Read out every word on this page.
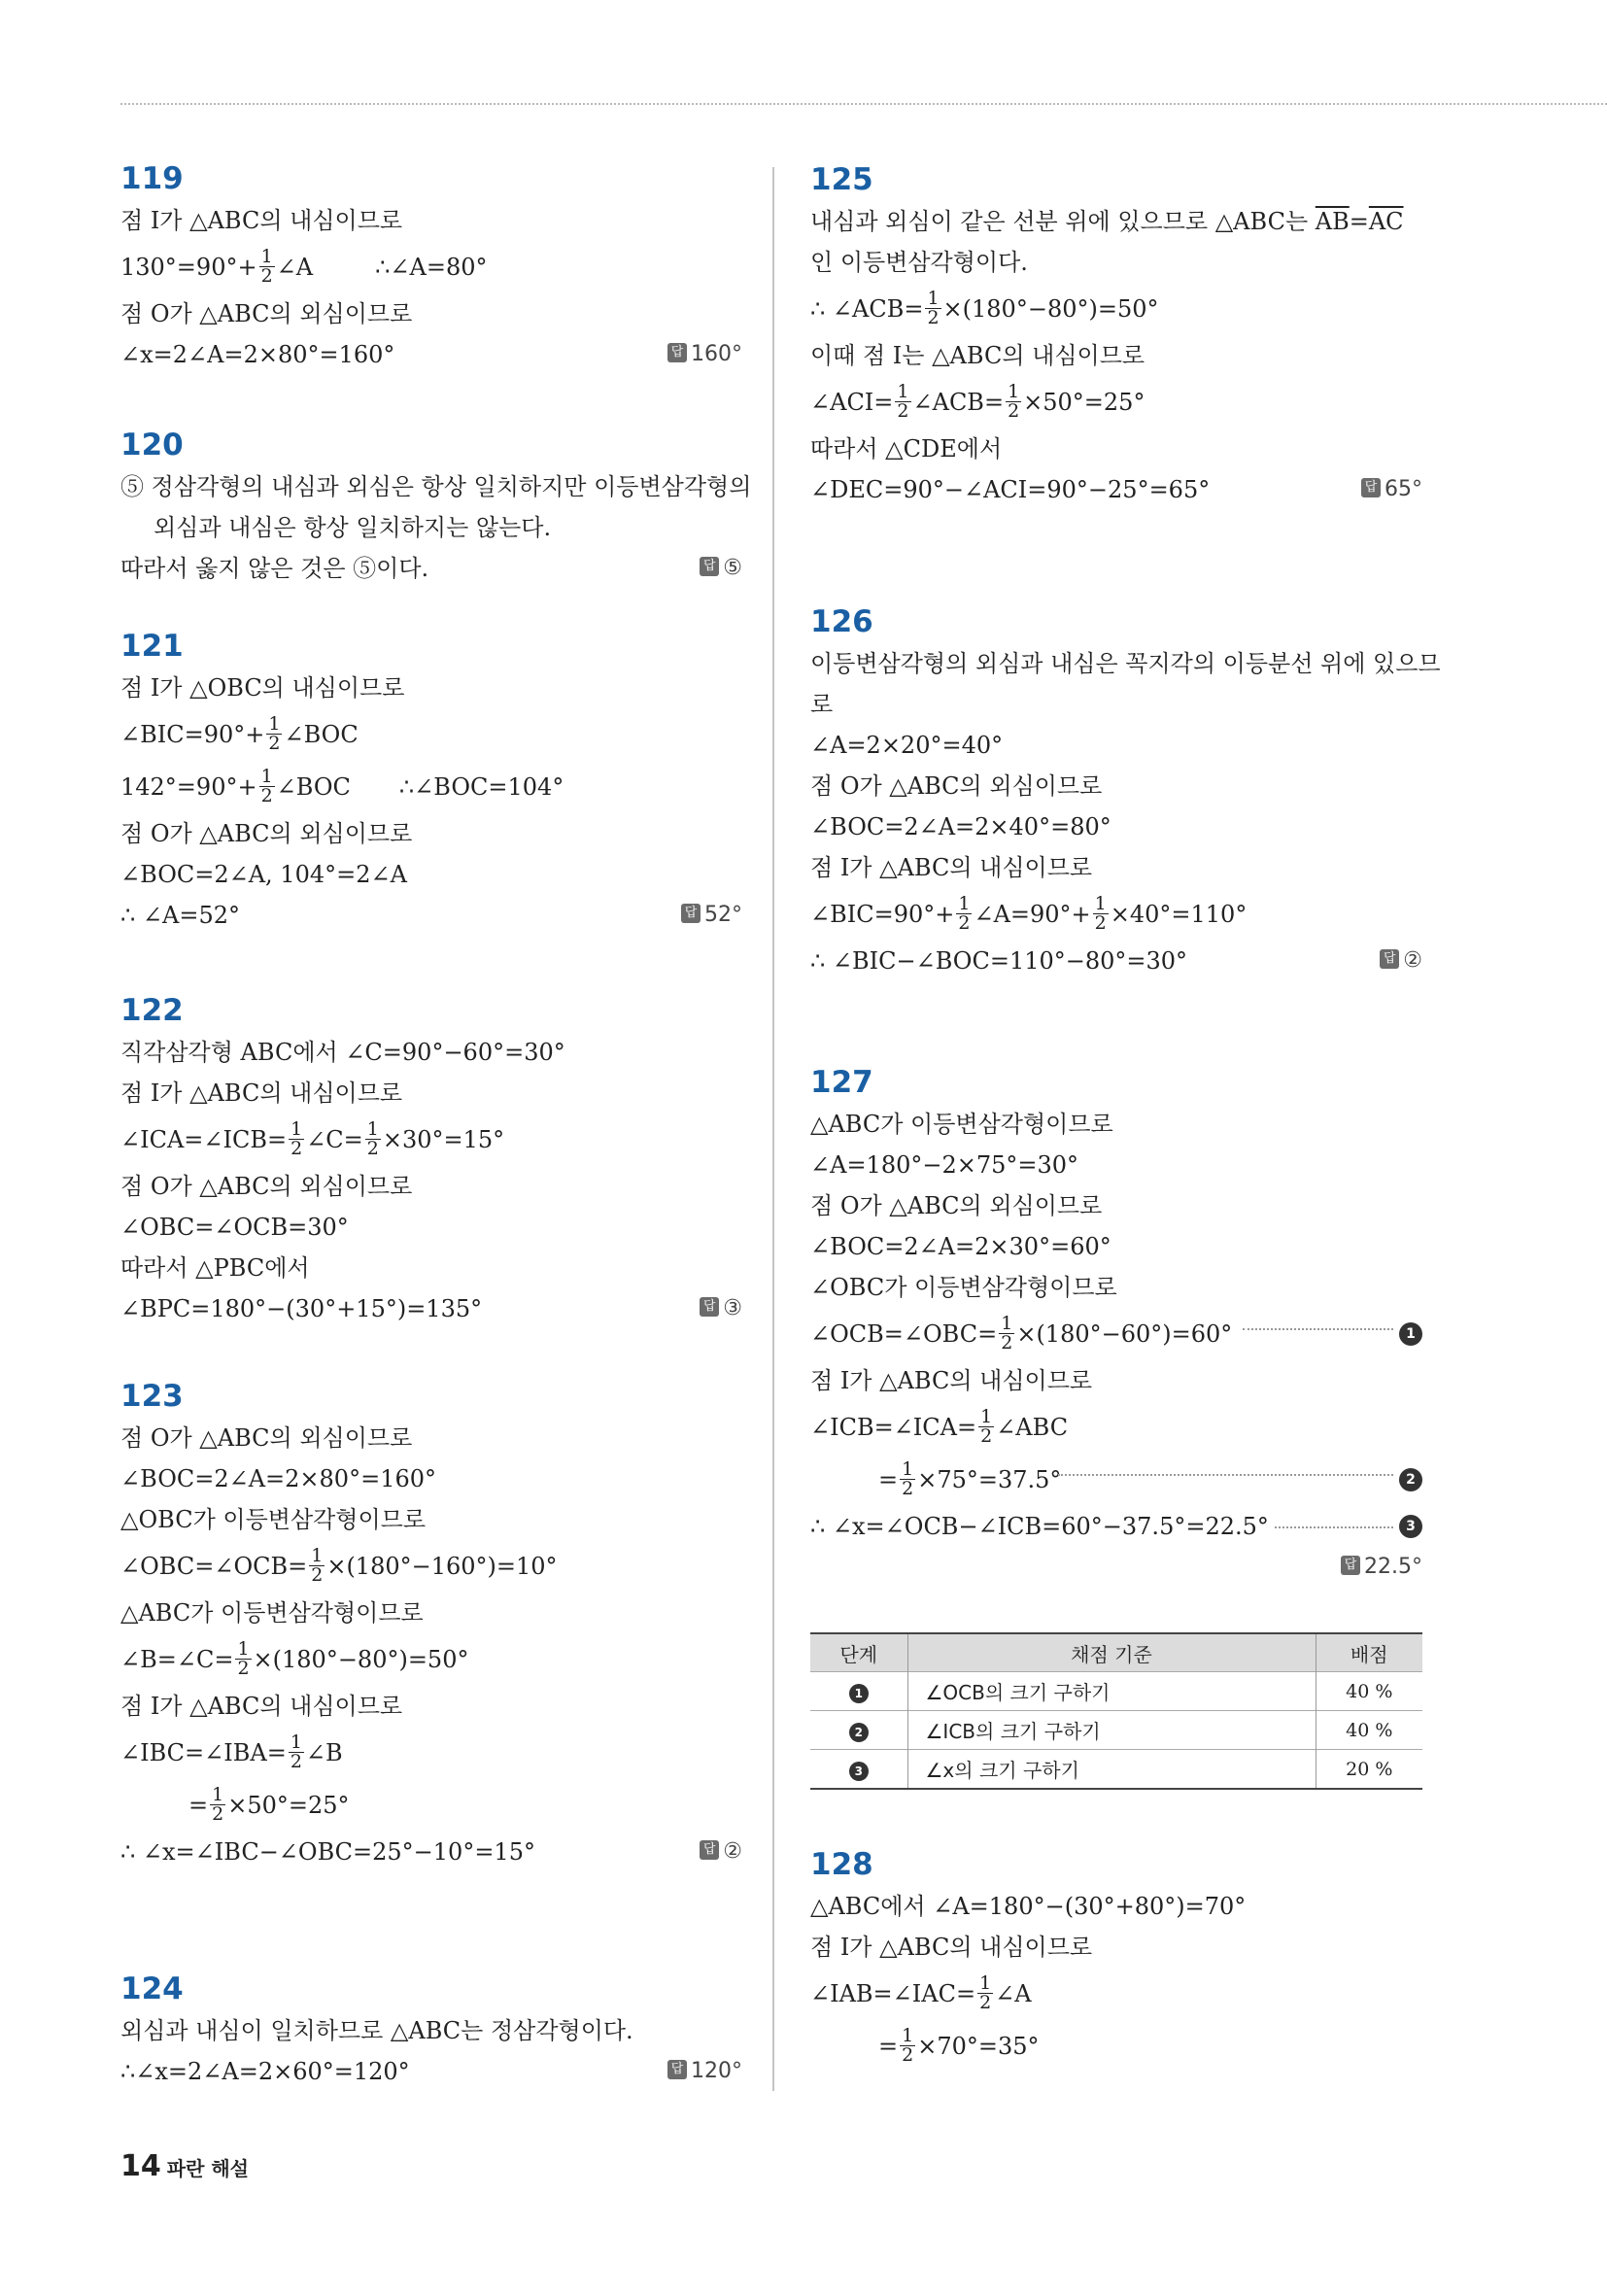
119
점 I가 △ABC의 내심이므로
$130^\circ=90^\circ+ \frac{1}{2}$ ∠A	∴∠A=80°
점 O가 △ABC의 외심이므로
∠x=2∠A=2×80°=160°	답 160°
120
⑤ 정삼각형의 내심과 외심은 항상 일치하지만 이등변삼각형의
외심과 내심은 항상 일치하지는 않는다.
따라서 옳지 않은 것은 ⑤이다.	답 ⑤
121
점 I가 △OBC의 내심이므로
∠BIC=90°+ $\frac{1}{2}$ ∠BOC
$142^\circ=90^\circ+ \frac{1}{2}$ ∠BOC ∴∠BOC=104°
점 O가 △ABC의 외심이므로
∠BOC=2∠A, 104°=2∠A
∴ ∠A=52°	답 52°
122
직각삼각형 ABC에서 ∠C=90°−60°=30°
점 I가 △ABC의 내심이므로
∠ICA=∠ICB= $\frac{1}{2}$ ∠C= $\frac{1}{2} \times 30^\circ=15^\circ$
점 O가 △ABC의 외심이므로
∠OBC=∠OCB=30°
따라서 △PBC에서
∠BPC=180°−(30°+15°)=135°	답 ③
123
점 O가 △ABC의 외심이므로
∠BOC=2∠A=2×80°=160°
△OBC가 이등변삼각형이므로
∠OBC=∠OCB= $\frac{1}{2} \times(180^\circ-160^\circ)=10^\circ$
△ABC가 이등변삼각형이므로
∠B=∠C= $\frac{1}{2} \times(180^\circ-80^\circ)=50^\circ$
점 I가 △ABC의 내심이므로
∠IBC=∠IBA= $\frac{1}{2}$ ∠B
= $\frac{1}{2} \times 50^\circ=25^\circ$
∴ ∠x=∠IBC−∠OBC=25°−10°=15°	답 ②
124
외심과 내심이 일치하므로 △ABC는 정삼각형이다.
∴∠x=2∠A=2×60°=120°	답 120°
125
내심과 외심이 같은 선분 위에 있으므로 △ABC는 $\overline{AB}=\overline{AC}$
인 이등변삼각형이다.
∴ ∠ACB= $\frac{1}{2} \times(180^\circ-80^\circ)=50^\circ$
이때 점 I는 △ABC의 내심이므로
∠ACI= $\frac{1}{2}$ ∠ACB= $\frac{1}{2} \times 50^\circ=25^\circ$
따라서 △CDE에서
∠DEC=90°−∠ACI=90°−25°=65°	답 65°
126
이등변삼각형의 외심과 내심은 꼭지각의 이등분선 위에 있으므
로
∠A=2×20°=40°
점 O가 △ABC의 외심이므로
∠BOC=2∠A=2×40°=80°
점 I가 △ABC의 내심이므로
∠BIC=90°+ $\frac{1}{2}$ ∠A=90°+ $\frac{1}{2} \times 40^\circ=110^\circ$
∴ ∠BIC−∠BOC=110°−80°=30°	답 ②
127
△ABC가 이등변삼각형이므로
∠A=180°−2×75°=30°
점 O가 △ABC의 외심이므로
∠BOC=2∠A=2×30°=60°
∠OBC가 이등변삼각형이므로
∠OCB=∠OBC= $\frac{1}{2} \times(180^\circ-60^\circ)=60^\circ$	1
점 I가 △ABC의 내심이므로
∠ICB=∠ICA= $\frac{1}{2}$ ∠ABC
= $\frac{1}{2} \times 75^\circ=37.5^\circ$	2
∴ ∠x=∠OCB−∠ICB=60°−37.5°=22.5°	3
답 22.5°
단계	채점 기준	배점
1	∠OCB의 크기 구하기	40 %
2	∠ICB의 크기 구하기	40 %
3	∠x의 크기 구하기	20 %
128
△ABC에서 ∠A=180°−(30°+80°)=70°
점 I가 △ABC의 내심이므로
∠IAB=∠IAC= $\frac{1}{2}$ ∠A
= $\frac{1}{2} \times 70^\circ=35^\circ$
14 파란 해설
